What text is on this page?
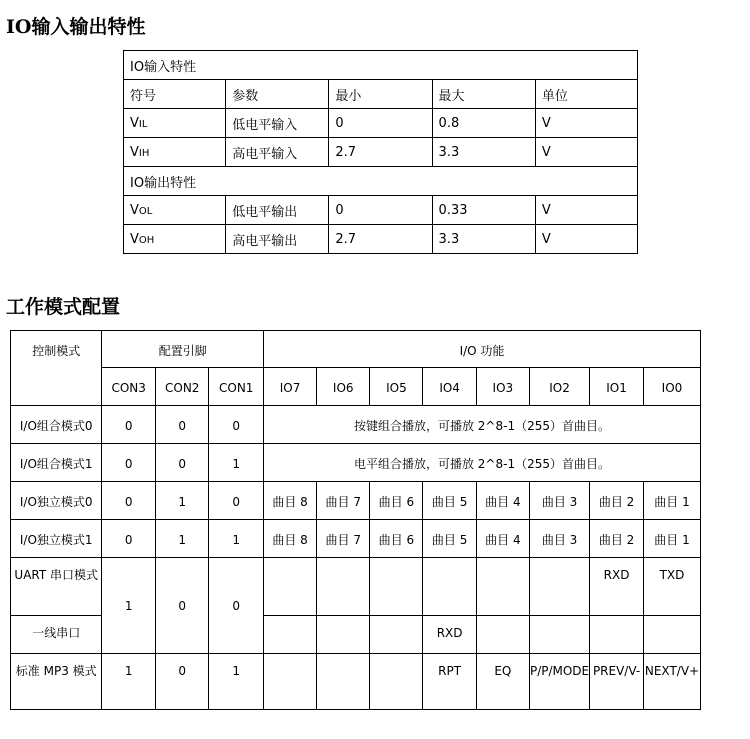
IO输入输出特性
IO输入特性				
符号	参数	最小	最大	单位
VIL	低电平输入	0	0.8	V
VIH	高电平输入	2.7	3.3	V
IO输出特性				
VOL	低电平输出	0	0.33	V
VOH	高电平输出	2.7	3.3	V
工作模式配置
控制模式	配置引脚			I/O 功能							
	CON3	CON2	CON1	IO7	IO6	IO5	IO4	IO3	IO2	IO1	IO0
I/O组合模式0	0	0	0	按键组合播放，可播放 2^8-1（255）首曲目。							
I/O组合模式1	0	0	1	电平组合播放，可播放 2^8-1（255）首曲目。							
I/O独立模式0	0	1	0	曲目 8	曲目 7	曲目 6	曲目 5	曲目 4	曲目 3	曲目 2	曲目 1
I/O独立模式1	0	1	1	曲目 8	曲目 7	曲目 6	曲目 5	曲目 4	曲目 3	曲目 2	曲目 1
UART 串口模式	1	0	0							RXD	TXD
一线串口							RXD				
标准 MP3 模式	1	0	1				RPT	EQ	P/P/MODE	PREV/V-	NEXT/V+
